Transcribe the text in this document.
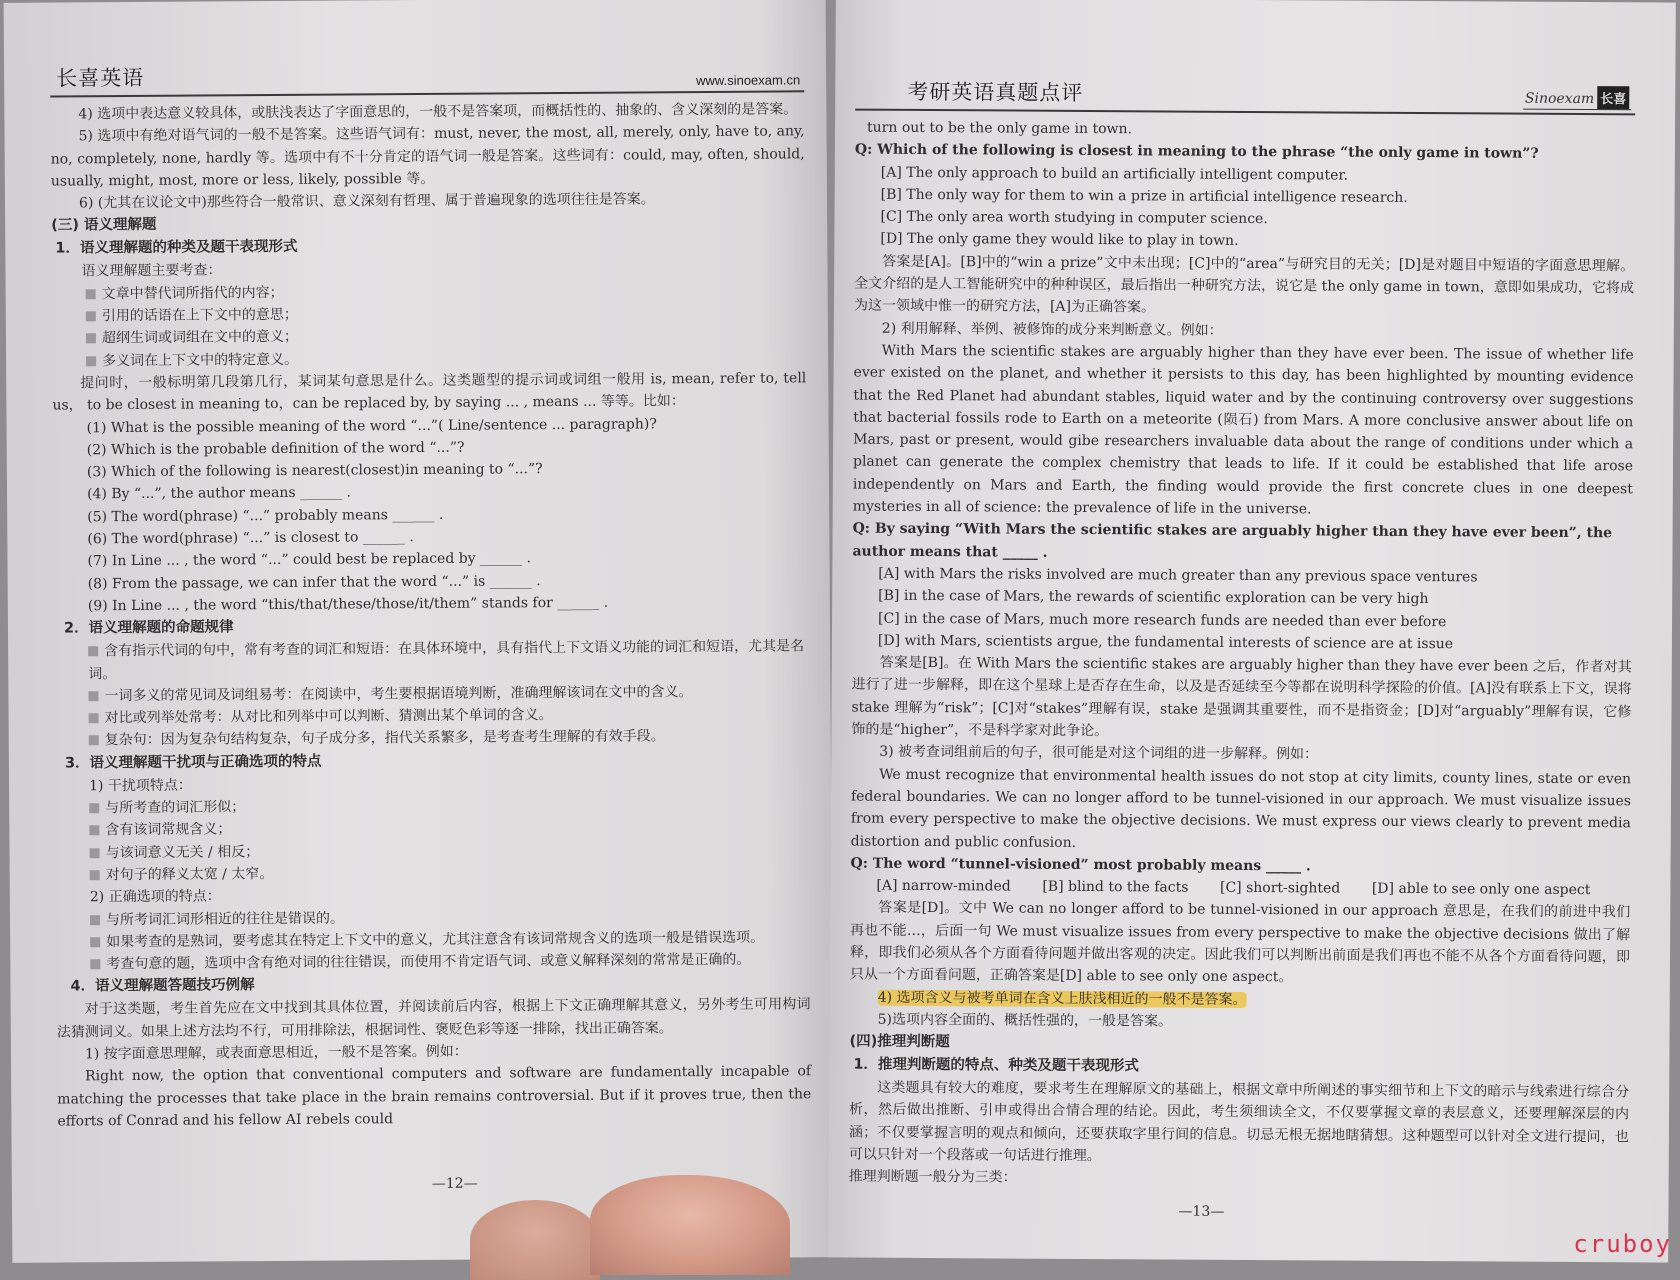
长喜英语	www.sinoexam.cn

4) 选项中表达意义较具体，或肤浅表达了字面意思的，一般不是答案项，而概括性的、抽象的、含义深刻的是答案。

5) 选项中有绝对语气词的一般不是答案。这些语气词有：must, never, the most, all, merely, only, have to, any, no, completely, none, hardly 等。选项中有不十分肯定的语气词一般是答案。这些词有：could, may, often, should, usually, might, most, more or less, likely, possible 等。

6) (尤其在议论文中)那些符合一般常识、意义深刻有哲理、属于普遍现象的选项往往是答案。

(三) 语义理解题

1．语义理解题的种类及题干表现形式

语义理解题主要考查：

文章中替代词所指代的内容；

引用的话语在上下文中的意思；

超纲生词或词组在文中的意义；

多义词在上下文中的特定意义。

提问时，一般标明第几段第几行，某词某句意思是什么。这类题型的提示词或词组一般用 is, mean, refer to, tell us， to be closest in meaning to，can be replaced by, by saying ... , means ... 等等。比如：

(1) What is the possible meaning of the word “...”( Line/sentence ... paragraph)?

(2) Which is the probable definition of the word “...”?

(3) Which of the following is nearest(closest)in meaning to “...”?

(4) By “...”, the author means ______ .

(5) The word(phrase) “...” probably means ______ .

(6) The word(phrase) “...” is closest to ______ .

(7) In Line ... , the word “...” could best be replaced by ______ .

(8) From the passage, we can infer that the word “...” is ______ .

(9) In Line ... , the word “this/that/these/those/it/them” stands for ______ .

2．语义理解题的命题规律

含有指示代词的句中，常有考查的词汇和短语：在具体环境中，具有指代上下文语义功能的词汇和短语，尤其是名词。

一词多义的常见词及词组易考：在阅读中，考生要根据语境判断，准确理解该词在文中的含义。

对比或列举处常考：从对比和列举中可以判断、猜测出某个单词的含义。

复杂句：因为复杂句结构复杂，句子成分多，指代关系繁多，是考查考生理解的有效手段。

3．语义理解题干扰项与正确选项的特点

1) 干扰项特点：

与所考查的词汇形似；

含有该词常规含义；

与该词意义无关 / 相反；

对句子的释义太宽 / 太窄。

2) 正确选项的特点：

与所考词汇词形相近的往往是错误的。

如果考查的是熟词，要考虑其在特定上下文中的意义，尤其注意含有该词常规含义的选项一般是错误选项。

考查句意的题，选项中含有绝对词的往往错误，而使用不肯定语气词、或意义解释深刻的常常是正确的。

4．语义理解题答题技巧例解

对于这类题，考生首先应在文中找到其具体位置，并阅读前后内容，根据上下文正确理解其意义，另外考生可用构词法猜测词义。如果上述方法均不行，可用排除法，根据词性、褒贬色彩等逐一排除，找出正确答案。

1) 按字面意思理解，或表面意思相近，一般不是答案。例如：

Right now, the option that conventional computers and software are fundamentally incapable of matching the processes that take place in the brain remains controversial. But if it proves true, then the efforts of Conrad and his fellow AI rebels could

—12—
考研英语真题点评	Sinoexam 长喜

turn out to be the only game in town.

Q: Which of the following is closest in meaning to the phrase “the only game in town”?

[A] The only approach to build an artificially intelligent computer.

[B] The only way for them to win a prize in artificial intelligence research.

[C] The only area worth studying in computer science.

[D] The only game they would like to play in town.

答案是[A]。[B]中的“win a prize”文中未出现；[C]中的“area”与研究目的无关；[D]是对题目中短语的字面意思理解。全文介绍的是人工智能研究中的种种误区，最后指出一种研究方法，说它是 the only game in town，意即如果成功，它将成为这一领域中惟一的研究方法，[A]为正确答案。

2) 利用解释、举例、被修饰的成分来判断意义。例如：

With Mars the scientific stakes are arguably higher than they have ever been. The issue of whether life ever existed on the planet, and whether it persists to this day, has been highlighted by mounting evidence that the Red Planet had abundant stables, liquid water and by the continuing controversy over suggestions that bacterial fossils rode to Earth on a meteorite (陨石) from Mars. A more conclusive answer about life on Mars, past or present, would gibe researchers invaluable data about the range of conditions under which a planet can generate the complex chemistry that leads to life. If it could be established that life arose independently on Mars and Earth, the finding would provide the first concrete clues in one deepest mysteries in all of science: the prevalence of life in the universe.

Q: By saying “With Mars the scientific stakes are arguably higher than they have ever been”, the author means that _____ .

[A] with Mars the risks involved are much greater than any previous space ventures

[B] in the case of Mars, the rewards of scientific exploration can be very high

[C] in the case of Mars, much more research funds are needed than ever before

[D] with Mars, scientists argue, the fundamental interests of science are at issue

答案是[B]。在 With Mars the scientific stakes are arguably higher than they have ever been 之后，作者对其进行了进一步解释，即在这个星球上是否存在生命，以及是否延续至今等都在说明科学探险的价值。[A]没有联系上下文，误将 stake 理解为“risk”；[C]对“stakes”理解有误，stake 是强调其重要性，而不是指资金；[D]对“arguably”理解有误，它修饰的是“higher”，不是科学家对此争论。

3) 被考查词组前后的句子，很可能是对这个词组的进一步解释。例如：

We must recognize that environmental health issues do not stop at city limits, county lines, state or even federal boundaries. We can no longer afford to be tunnel-visioned in our approach. We must visualize issues from every perspective to make the objective decisions. We must express our views clearly to prevent media distortion and public confusion.

Q: The word “tunnel-visioned” most probably means _____ .

[A] narrow-minded [B] blind to the facts [C] short-sighted [D] able to see only one aspect

答案是[D]。文中 We can no longer afford to be tunnel-visioned in our approach 意思是，在我们的前进中我们再也不能…，后面一句 We must visualize issues from every perspective to make the objective decisions 做出了解释，即我们必须从各个方面看待问题并做出客观的决定。因此我们可以判断出前面是我们再也不能不从各个方面看待问题，即只从一个方面看问题，正确答案是[D] able to see only one aspect。

4) 选项含义与被考单词在含义上肤浅相近的一般不是答案。

5)选项内容全面的、概括性强的，一般是答案。

(四)推理判断题

1．推理判断题的特点、种类及题干表现形式

这类题具有较大的难度，要求考生在理解原文的基础上，根据文章中所阐述的事实细节和上下文的暗示与线索进行综合分析，然后做出推断、引申或得出合情合理的结论。因此，考生须细读全文，不仅要掌握文章的表层意义，还要理解深层的内涵；不仅要掌握言明的观点和倾向，还要获取字里行间的信息。切忌无根无据地瞎猜想。这种题型可以针对全文进行提问，也可以只针对一个段落或一句话进行推理。

推理判断题一般分为三类：

—13—
cruboy
